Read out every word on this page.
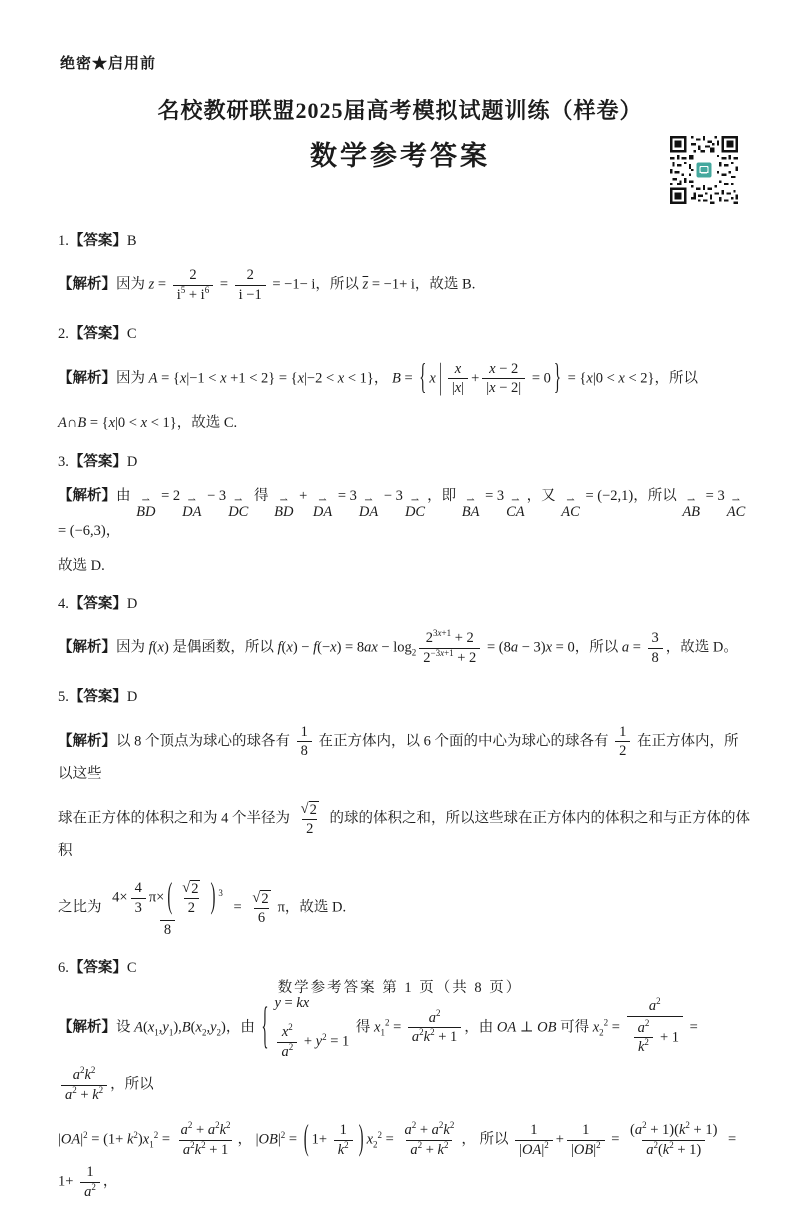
绝密★启用前
名校教研联盟2025届高考模拟试题训练（样卷）
数学参考答案
1.【答案】B
【解析】因为 $z = \frac{2}{i^5 + i^6} = \frac{2}{i -1} = -1- i$，所以 $\overline{z} = -1+ i$，故选 B.
2.【答案】C
【解析】因为 A = {x|−1 < x +1 < 2} = {x|−2 < x < 1}， B = { x | $\frac{x}{|x|} + \frac{x - 2}{|x - 2|} = 0$ } = {x|0 < x < 2}，所以
A∩B = {x|0 < x < 1}，故选 C.
3.【答案】D
【解析】由 ⇀
BD
= 2 ⇀
DA
− 3 ⇀
DC
得 ⇀
BD
+ ⇀
DA
= 3 ⇀
DA
− 3 ⇀
DC
，即 ⇀
BA
= 3 ⇀
CA
，又 ⇀
AC
= (−2,1)，所以 ⇀
AB
= 3 ⇀
AC
= (−6,3)，
故选 D.
4.【答案】D
【解析】因为 f(x) 是偶函数，所以 $f(x) - f(-x) = 8ax - \log_2 \frac{2^{3x+1} + 2}{2^{-3x+1} + 2} = (8a - 3)x = 0$，所以 $a = \frac{3}{8}$ ，故选 D。
5.【答案】D
【解析】以 8 个顶点为球心的球各有 $\frac{1}{8}$ 在正方体内，以 6 个面的中心为球心的球各有 $\frac{1}{2}$ 在正方体内，所以这些
球在正方体的体积之和为 4 个半径为 $\frac{√ 2}{2}$ 的球的体积之和，所以这些球在正方体内的体积之和与正方体的体积
之比为 $\frac{4\times \frac{4}{3} \pi\times ( \frac{√ 2}{2} ) ^3}{8} = \frac{√ 2}{6}$ π，故选 D.
6.【答案】C
【解析】设 $A(x_1,y_1),B(x_2,y_2)$，由 { y = kx
$\frac{x^2}{a^2} + y^2 = 1$
得 $x_1^2 = \frac{a^2}{a^2k^2 + 1}$ ，由 OA ⊥ OB 可得 $x_2^2 = \frac{a^2}{\frac{a^2}{k^2} + 1}$ =
$\frac{a^2k^2}{a^2 + k^2}$ ，所以
$|OA|^2 = (1+ k^2)x_1^2 = \frac{a^2 + a^2k^2}{a^2k^2 + 1}$ ， $|OB|^2$ = ( $1+ \frac{1}{k^2}$ ) $x_2^2 = \frac{a^2 + a^2k^2}{a^2 + k^2}$ ， 所以 $\frac{1}{|OA|^2} + \frac{1}{|OB|^2} = \frac{(a^2 + 1)(k^2 + 1)}{a^2(k^2 + 1)} = 1+ \frac{1}{a^2}$ ，
数学参考答案 第 1 页（共 8 页）
